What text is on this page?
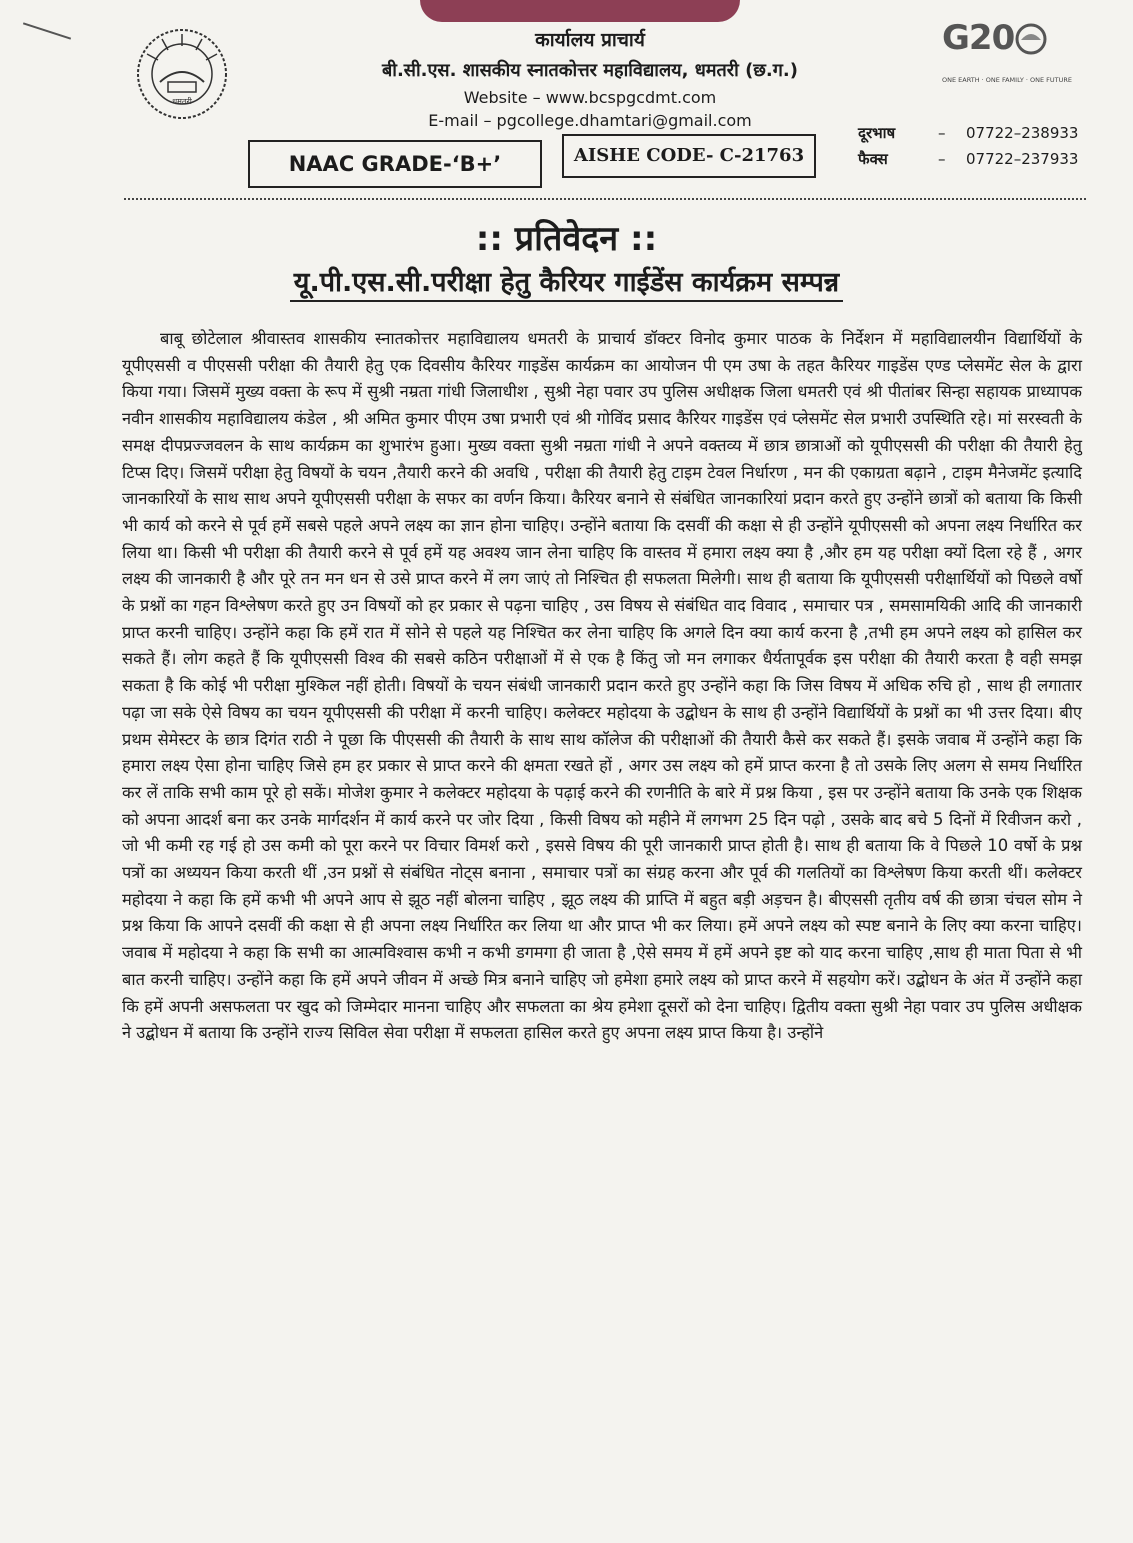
धमतरी
G20
ONE EARTH · ONE FAMILY · ONE FUTURE
कार्यालय प्राचार्य
बी.सी.एस. शासकीय स्नातकोत्तर महाविद्यालय, धमतरी (छ.ग.)
Website – www.bcspgcdmt.com
E-mail – pgcollege.dhamtari@gmail.com
NAAC GRADE-‘B+’	AISHE CODE- C-21763
दूरभाष	– 07722–238933
फैक्स	– 07722–237933
:: प्रतिवेदन ::
यू.पी.एस.सी.परीक्षा हेतु कैरियर गाईडेंस कार्यक्रम सम्पन्न
बाबू छोटेलाल श्रीवास्तव शासकीय स्नातकोत्तर महाविद्यालय धमतरी के प्राचार्य डॉक्टर विनोद कुमार पाठक के निर्देशन में महाविद्यालयीन विद्यार्थियों के यूपीएससी व पीएससी परीक्षा की तैयारी हेतु एक दिवसीय कैरियर गाइडेंस कार्यक्रम का आयोजन पी एम उषा के तहत कैरियर गाइडेंस एण्ड प्लेसमेंट सेल के द्वारा किया गया। जिसमें मुख्य वक्ता के रूप में सुश्री नम्रता गांधी जिलाधीश , सुश्री नेहा पवार उप पुलिस अधीक्षक जिला धमतरी एवं श्री पीतांबर सिन्हा सहायक प्राध्यापक नवीन शासकीय महाविद्यालय कंडेल , श्री अमित कुमार पीएम उषा प्रभारी एवं श्री गोविंद प्रसाद कैरियर गाइडेंस एवं प्लेसमेंट सेल प्रभारी उपस्थिति रहे। मां सरस्वती के समक्ष दीपप्रज्जवलन के साथ कार्यक्रम का शुभारंभ हुआ। मुख्य वक्ता सुश्री नम्रता गांधी ने अपने वक्तव्य में छात्र छात्राओं को यूपीएससी की परीक्षा की तैयारी हेतु टिप्स दिए। जिसमें परीक्षा हेतु विषयों के चयन ,तैयारी करने की अवधि , परीक्षा की तैयारी हेतु टाइम टेवल निर्धारण , मन की एकाग्रता बढ़ाने , टाइम मैनेजमेंट इत्यादि जानकारियों के साथ साथ अपने यूपीएससी परीक्षा के सफर का वर्णन किया। कैरियर बनाने से संबंधित जानकारियां प्रदान करते हुए उन्होंने छात्रों को बताया कि किसी भी कार्य को करने से पूर्व हमें सबसे पहले अपने लक्ष्य का ज्ञान होना चाहिए। उन्होंने बताया कि दसवीं की कक्षा से ही उन्होंने यूपीएससी को अपना लक्ष्य निर्धारित कर लिया था। किसी भी परीक्षा की तैयारी करने से पूर्व हमें यह अवश्य जान लेना चाहिए कि वास्तव में हमारा लक्ष्य क्या है ,और हम यह परीक्षा क्यों दिला रहे हैं , अगर लक्ष्य की जानकारी है और पूरे तन मन धन से उसे प्राप्त करने में लग जाएं तो निश्चित ही सफलता मिलेगी। साथ ही बताया कि यूपीएससी परीक्षार्थियों को पिछले वर्षो के प्रश्नों का गहन विश्लेषण करते हुए उन विषयों को हर प्रकार से पढ़ना चाहिए , उस विषय से संबंधित वाद विवाद , समाचार पत्र , समसामयिकी आदि की जानकारी प्राप्त करनी चाहिए। उन्होंने कहा कि हमें रात में सोने से पहले यह निश्चित कर लेना चाहिए कि अगले दिन क्या कार्य करना है ,तभी हम अपने लक्ष्य को हासिल कर सकते हैं। लोग कहते हैं कि यूपीएससी विश्व की सबसे कठिन परीक्षाओं में से एक है किंतु जो मन लगाकर धैर्यतापूर्वक इस परीक्षा की तैयारी करता है वही समझ सकता है कि कोई भी परीक्षा मुश्किल नहीं होती। विषयों के चयन संबंधी जानकारी प्रदान करते हुए उन्होंने कहा कि जिस विषय में अधिक रुचि हो , साथ ही लगातार पढ़ा जा सके ऐसे विषय का चयन यूपीएससी की परीक्षा में करनी चाहिए। कलेक्टर महोदया के उद्बोधन के साथ ही उन्होंने विद्यार्थियों के प्रश्नों का भी उत्तर दिया। बीए प्रथम सेमेस्टर के छात्र दिगंत राठी ने पूछा कि पीएससी की तैयारी के साथ साथ कॉलेज की परीक्षाओं की तैयारी कैसे कर सकते हैं। इसके जवाब में उन्होंने कहा कि हमारा लक्ष्य ऐसा होना चाहिए जिसे हम हर प्रकार से प्राप्त करने की क्षमता रखते हों , अगर उस लक्ष्य को हमें प्राप्त करना है तो उसके लिए अलग से समय निर्धारित कर लें ताकि सभी काम पूरे हो सकें। मोजेश कुमार ने कलेक्टर महोदया के पढ़ाई करने की रणनीति के बारे में प्रश्न किया , इस पर उन्होंने बताया कि उनके एक शिक्षक को अपना आदर्श बना कर उनके मार्गदर्शन में कार्य करने पर जोर दिया , किसी विषय को महीने में लगभग 25 दिन पढ़ो , उसके बाद बचे 5 दिनों में रिवीजन करो , जो भी कमी रह गई हो उस कमी को पूरा करने पर विचार विमर्श करो , इससे विषय की पूरी जानकारी प्राप्त होती है। साथ ही बताया कि वे पिछले 10 वर्षो के प्रश्न पत्रों का अध्ययन किया करती थीं ,उन प्रश्नों से संबंधित नोट्स बनाना , समाचार पत्रों का संग्रह करना और पूर्व की गलतियों का विश्लेषण किया करती थीं। कलेक्टर महोदया ने कहा कि हमें कभी भी अपने आप से झूठ नहीं बोलना चाहिए , झूठ लक्ष्य की प्राप्ति में बहुत बड़ी अड़चन है। बीएससी तृतीय वर्ष की छात्रा चंचल सोम ने प्रश्न किया कि आपने दसवीं की कक्षा से ही अपना लक्ष्य निर्धारित कर लिया था और प्राप्त भी कर लिया। हमें अपने लक्ष्य को स्पष्ट बनाने के लिए क्या करना चाहिए। जवाब में महोदया ने कहा कि सभी का आत्मविश्वास कभी न कभी डगमगा ही जाता है ,ऐसे समय में हमें अपने इष्ट को याद करना चाहिए ,साथ ही माता पिता से भी बात करनी चाहिए। उन्होंने कहा कि हमें अपने जीवन में अच्छे मित्र बनाने चाहिए जो हमेशा हमारे लक्ष्य को प्राप्त करने में सहयोग करें। उद्बोधन के अंत में उन्होंने कहा कि हमें अपनी असफलता पर खुद को जिम्मेदार मानना चाहिए और सफलता का श्रेय हमेशा दूसरों को देना चाहिए। द्वितीय वक्ता सुश्री नेहा पवार उप पुलिस अधीक्षक ने उद्बोधन में बताया कि उन्होंने राज्य सिविल सेवा परीक्षा में सफलता हासिल करते हुए अपना लक्ष्य प्राप्त किया है। उन्होंने
